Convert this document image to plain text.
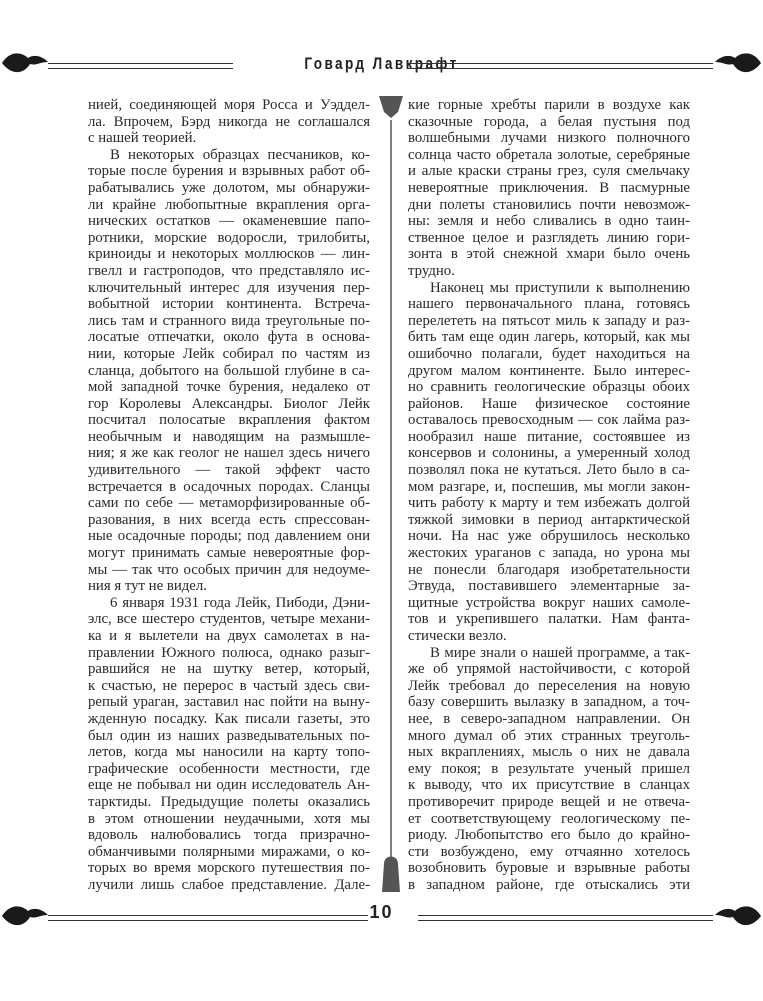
Говард Лавкрафт
нией, соединяющей моря Росса и Уэддел-
ла. Впрочем, Бэрд никогда не соглашался
с нашей теорией.
В некоторых образцах песчаников, ко-
торые после бурения и взрывных работ об-
рабатывались уже долотом, мы обнаружи-
ли крайне любопытные вкрапления орга-
нических остатков — окаменевшие папо-
ротники, морские водоросли, трилобиты,
криноиды и некоторых моллюсков — лин-
гвелл и гастроподов, что представляло ис-
ключительный интерес для изучения пер-
вобытной истории континента. Встреча-
лись там и странного вида треугольные по-
лосатые отпечатки, около фута в основа-
нии, которые Лейк собирал по частям из
сланца, добытого на большой глубине в са-
мой западной точке бурения, недалеко от
гор Королевы Александры. Биолог Лейк
посчитал полосатые вкрапления фактом
необычным и наводящим на размышле-
ния; я же как геолог не нашел здесь ничего
удивительного — такой эффект часто
встречается в осадочных породах. Сланцы
сами по себе — метаморфизированные об-
разования, в них всегда есть спрессован-
ные осадочные породы; под давлением они
могут принимать самые невероятные фор-
мы — так что особых причин для недоуме-
ния я тут не видел.
6 января 1931 года Лейк, Пибоди, Дэни-
элс, все шестеро студентов, четыре механи-
ка и я вылетели на двух самолетах в на-
правлении Южного полюса, однако разыг-
равшийся не на шутку ветер, который,
к счастью, не перерос в частый здесь сви-
репый ураган, заставил нас пойти на выну-
жденную посадку. Как писали газеты, это
был один из наших разведывательных по-
летов, когда мы наносили на карту топо-
графические особенности местности, где
еще не побывал ни один исследователь Ан-
тарктиды. Предыдущие полеты оказались
в этом отношении неудачными, хотя мы
вдоволь налюбовались тогда призрачно-
обманчивыми полярными миражами, о ко-
торых во время морского путешествия по-
лучили лишь слабое представление. Дале-
кие горные хребты парили в воздухе как
сказочные города, а белая пустыня под
волшебными лучами низкого полночного
солнца часто обретала золотые, серебряные
и алые краски страны грез, суля смельчаку
невероятные приключения. В пасмурные
дни полеты становились почти невозмож-
ны: земля и небо сливались в одно таин-
ственное целое и разглядеть линию гори-
зонта в этой снежной хмари было очень
трудно.
Наконец мы приступили к выполнению
нашего первоначального плана, готовясь
перелететь на пятьсот миль к западу и раз-
бить там еще один лагерь, который, как мы
ошибочно полагали, будет находиться на
другом малом континенте. Было интерес-
но сравнить геологические образцы обоих
районов. Наше физическое состояние
оставалось превосходным — сок лайма раз-
нообразил наше питание, состоявшее из
консервов и солонины, а умеренный холод
позволял пока не кутаться. Лето было в са-
мом разгаре, и, поспешив, мы могли закон-
чить работу к марту и тем избежать долгой
тяжкой зимовки в период антарктической
ночи. На нас уже обрушилось несколько
жестоких ураганов с запада, но урона мы
не понесли благодаря изобретательности
Этвуда, поставившего элементарные за-
щитные устройства вокруг наших самоле-
тов и укрепившего палатки. Нам фанта-
стически везло.
В мире знали о нашей программе, а так-
же об упрямой настойчивости, с которой
Лейк требовал до переселения на новую
базу совершить вылазку в западном, а точ-
нее, в северо-западном направлении. Он
много думал об этих странных треуголь-
ных вкраплениях, мысль о них не давала
ему покоя; в результате ученый пришел
к выводу, что их присутствие в сланцах
противоречит природе вещей и не отвеча-
ет соответствующему геологическому пе-
риоду. Любопытство его было до крайно-
сти возбуждено, ему отчаянно хотелось
возобновить буровые и взрывные работы
в западном районе, где отыскались эти
10
